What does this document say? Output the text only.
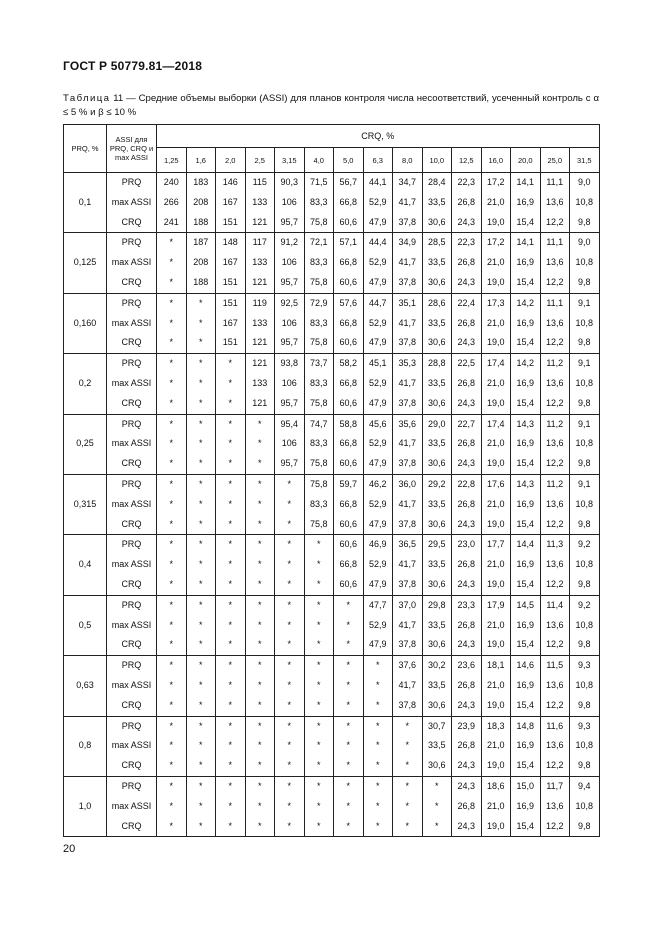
ГОСТ Р 50779.81—2018
Таблица 11 — Средние объемы выборки (ASSI) для планов контроля числа несоответствий, усеченный контроль с α ≤ 5 % и β ≤ 10 %
PRQ, %	ASSI для PRQ, CRQ и max ASSI	CRQ, %														
		1,25	1,6	2,0	2,5	3,15	4,0	5,0	6,3	8,0	10,0	12,5	16,0	20,0	25,0	31,5
0,1	PRQ	240	183	146	115	90,3	71,5	56,7	44,1	34,7	28,4	22,3	17,2	14,1	11,1	9,0
	max ASSI	266	208	167	133	106	83,3	66,8	52,9	41,7	33,5	26,8	21,0	16,9	13,6	10,8
	CRQ	241	188	151	121	95,7	75,8	60,6	47,9	37,8	30,6	24,3	19,0	15,4	12,2	9,8
0,125	PRQ	*	187	148	117	91,2	72,1	57,1	44,4	34,9	28,5	22,3	17,2	14,1	11,1	9,0
	max ASSI	*	208	167	133	106	83,3	66,8	52,9	41,7	33,5	26,8	21,0	16,9	13,6	10,8
	CRQ	*	188	151	121	95,7	75,8	60,6	47,9	37,8	30,6	24,3	19,0	15,4	12,2	9,8
0,160	PRQ	*	*	151	119	92,5	72,9	57,6	44,7	35,1	28,6	22,4	17,3	14,2	11,1	9,1
	max ASSI	*	*	167	133	106	83,3	66,8	52,9	41,7	33,5	26,8	21,0	16,9	13,6	10,8
	CRQ	*	*	151	121	95,7	75,8	60,6	47,9	37,8	30,6	24,3	19,0	15,4	12,2	9,8
0,2	PRQ	*	*	*	121	93,8	73,7	58,2	45,1	35,3	28,8	22,5	17,4	14,2	11,2	9,1
	max ASSI	*	*	*	133	106	83,3	66,8	52,9	41,7	33,5	26,8	21,0	16,9	13,6	10,8
	CRQ	*	*	*	121	95,7	75,8	60,6	47,9	37,8	30,6	24,3	19,0	15,4	12,2	9,8
0,25	PRQ	*	*	*	*	95,4	74,7	58,8	45,6	35,6	29,0	22,7	17,4	14,3	11,2	9,1
	max ASSI	*	*	*	*	106	83,3	66,8	52,9	41,7	33,5	26,8	21,0	16,9	13,6	10,8
	CRQ	*	*	*	*	95,7	75,8	60,6	47,9	37,8	30,6	24,3	19,0	15,4	12,2	9,8
0,315	PRQ	*	*	*	*	*	75,8	59,7	46,2	36,0	29,2	22,8	17,6	14,3	11,2	9,1
	max ASSI	*	*	*	*	*	83,3	66,8	52,9	41,7	33,5	26,8	21,0	16,9	13,6	10,8
	CRQ	*	*	*	*	*	75,8	60,6	47,9	37,8	30,6	24,3	19,0	15,4	12,2	9,8
0,4	PRQ	*	*	*	*	*	*	60,6	46,9	36,5	29,5	23,0	17,7	14,4	11,3	9,2
	max ASSI	*	*	*	*	*	*	66,8	52,9	41,7	33,5	26,8	21,0	16,9	13,6	10,8
	CRQ	*	*	*	*	*	*	60,6	47,9	37,8	30,6	24,3	19,0	15,4	12,2	9,8
0,5	PRQ	*	*	*	*	*	*	*	47,7	37,0	29,8	23,3	17,9	14,5	11,4	9,2
	max ASSI	*	*	*	*	*	*	*	52,9	41,7	33,5	26,8	21,0	16,9	13,6	10,8
	CRQ	*	*	*	*	*	*	*	47,9	37,8	30,6	24,3	19,0	15,4	12,2	9,8
0,63	PRQ	*	*	*	*	*	*	*	*	37,6	30,2	23,6	18,1	14,6	11,5	9,3
	max ASSI	*	*	*	*	*	*	*	*	41,7	33,5	26,8	21,0	16,9	13,6	10,8
	CRQ	*	*	*	*	*	*	*	*	37,8	30,6	24,3	19,0	15,4	12,2	9,8
0,8	PRQ	*	*	*	*	*	*	*	*	*	30,7	23,9	18,3	14,8	11,6	9,3
	max ASSI	*	*	*	*	*	*	*	*	*	33,5	26,8	21,0	16,9	13,6	10,8
	CRQ	*	*	*	*	*	*	*	*	*	30,6	24,3	19,0	15,4	12,2	9,8
1,0	PRQ	*	*	*	*	*	*	*	*	*	*	24,3	18,6	15,0	11,7	9,4
	max ASSI	*	*	*	*	*	*	*	*	*	*	26,8	21,0	16,9	13,6	10,8
	CRQ	*	*	*	*	*	*	*	*	*	*	24,3	19,0	15,4	12,2	9,8
20
